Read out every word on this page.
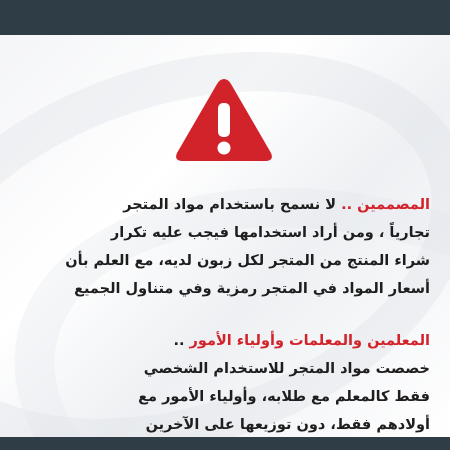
المصممين .. لا نسمح باستخدام مواد المتجر
تجارياً ، ومن أراد استخدامها فيجب عليه تكرار
شراء المنتج من المتجر لكل زبون لديه، مع العلم بأن
أسعار المواد في المتجر رمزية وفي متناول الجميع
المعلمين والمعلمات وأولياء الأمور ..
خصصت مواد المتجر للاستخدام الشخصي
فقط كالمعلم مع طلابه، وأولياء الأمور مع
أولادهم فقط، دون توزيعها على الآخرين
